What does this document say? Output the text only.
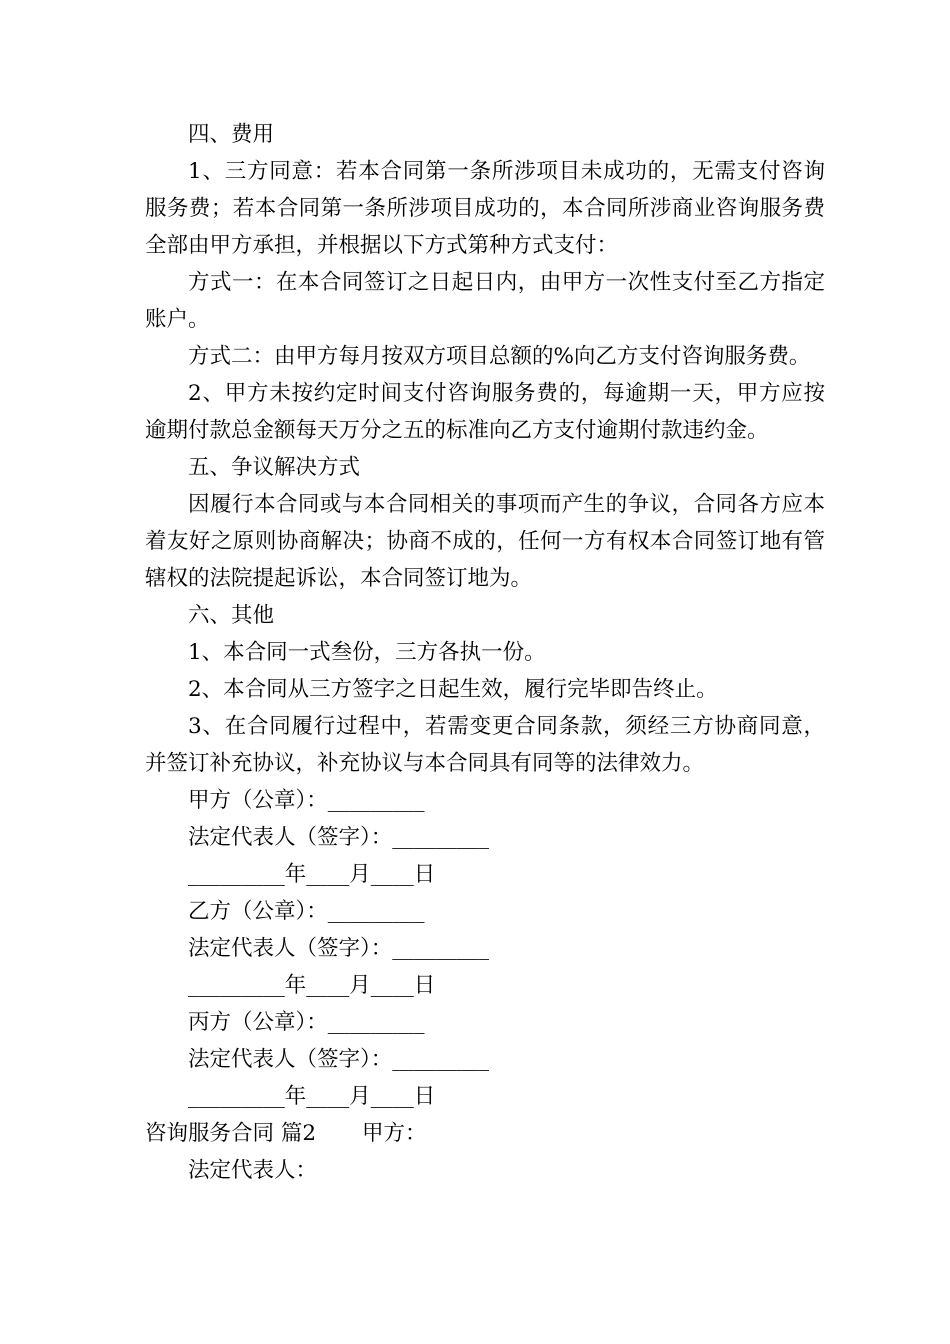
四、费用

1、三方同意：若本合同第一条所涉项目未成功的，无需支付咨询服务费；若本合同第一条所涉项目成功的，本合同所涉商业咨询服务费全部由甲方承担，并根据以下方式第种方式支付：

方式一：在本合同签订之日起日内，由甲方一次性支付至乙方指定账户。

方式二：由甲方每月按双方项目总额的%向乙方支付咨询服务费。

2、甲方未按约定时间支付咨询服务费的，每逾期一天，甲方应按逾期付款总金额每天万分之五的标准向乙方支付逾期付款违约金。

五、争议解决方式

因履行本合同或与本合同相关的事项而产生的争议，合同各方应本着友好之原则协商解决；协商不成的，任何一方有权本合同签订地有管辖权的法院提起诉讼，本合同签订地为。

六、其他

1、本合同一式叁份，三方各执一份。

2、本合同从三方签字之日起生效，履行完毕即告终止。

3、在合同履行过程中，若需变更合同条款，须经三方协商同意，并签订补充协议，补充协议与本合同具有同等的法律效力。

甲方（公章）：_________

法定代表人（签字）：_________

_________年____月____日

乙方（公章）：_________

法定代表人（签字）：_________

_________年____月____日

丙方（公章）：_________

法定代表人（签字）：_________

_________年____月____日

咨询服务合同 篇2 甲方：

法定代表人：
